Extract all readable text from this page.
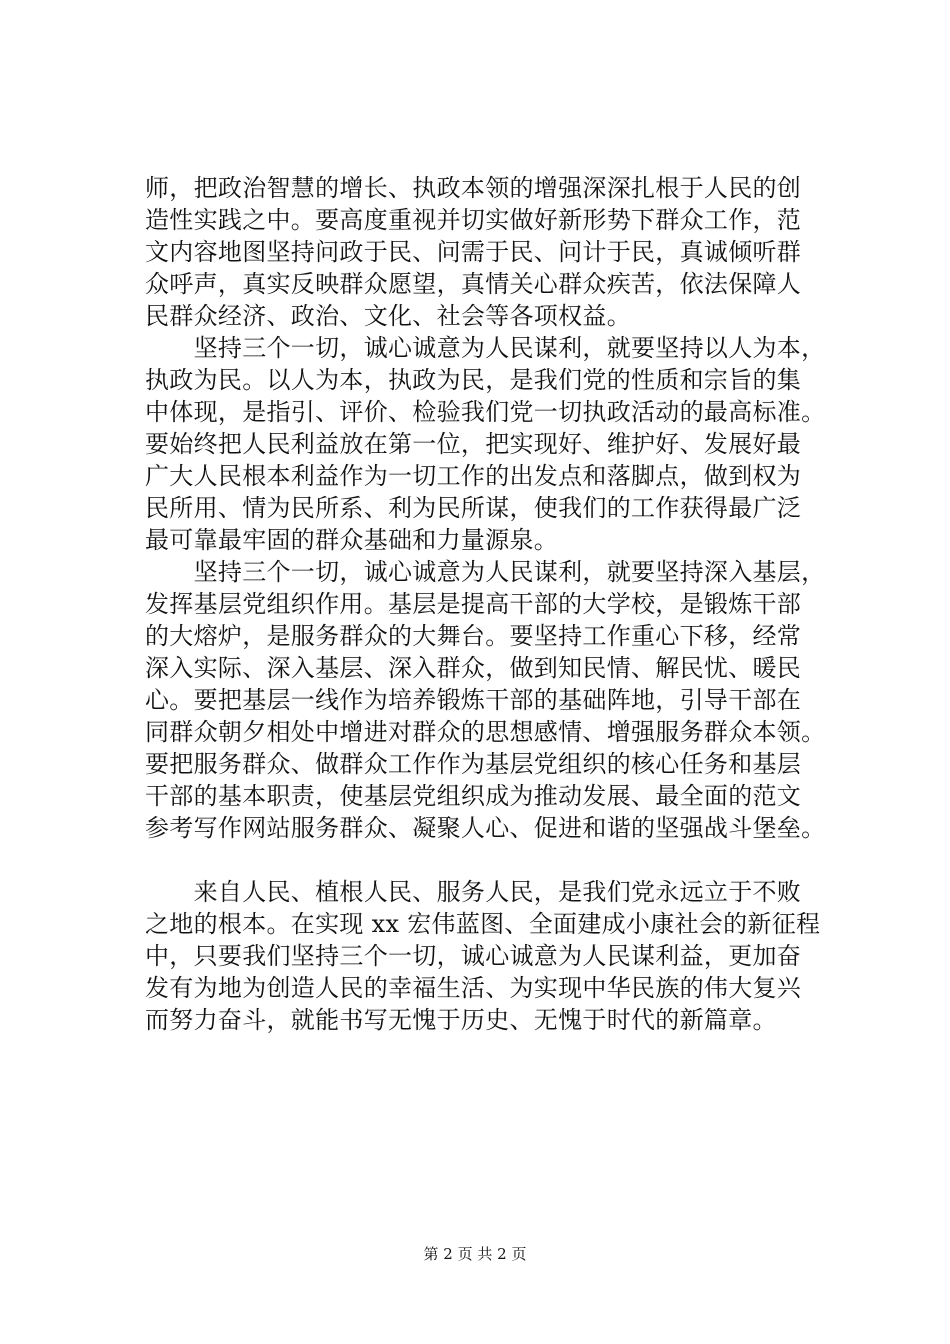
师，把政治智慧的增长、执政本领的增强深深扎根于人民的创
造性实践之中。要高度重视并切实做好新形势下群众工作，范
文内容地图坚持问政于民、问需于民、问计于民，真诚倾听群
众呼声，真实反映群众愿望，真情关心群众疾苦，依法保障人
民群众经济、政治、文化、社会等各项权益。
　　坚持三个一切，诚心诚意为人民谋利，就要坚持以人为本，
执政为民。以人为本，执政为民，是我们党的性质和宗旨的集
中体现，是指引、评价、检验我们党一切执政活动的最高标准。
要始终把人民利益放在第一位，把实现好、维护好、发展好最
广大人民根本利益作为一切工作的出发点和落脚点，做到权为
民所用、情为民所系、利为民所谋，使我们的工作获得最广泛
最可靠最牢固的群众基础和力量源泉。
　　坚持三个一切，诚心诚意为人民谋利，就要坚持深入基层，
发挥基层党组织作用。基层是提高干部的大学校，是锻炼干部
的大熔炉，是服务群众的大舞台。要坚持工作重心下移，经常
深入实际、深入基层、深入群众，做到知民情、解民忧、暖民
心。要把基层一线作为培养锻炼干部的基础阵地，引导干部在
同群众朝夕相处中增进对群众的思想感情、增强服务群众本领。
要把服务群众、做群众工作作为基层党组织的核心任务和基层
干部的基本职责，使基层党组织成为推动发展、最全面的范文
参考写作网站服务群众、凝聚人心、促进和谐的坚强战斗堡垒。
　　来自人民、植根人民、服务人民，是我们党永远立于不败
之地的根本。在实现 xx 宏伟蓝图、全面建成小康社会的新征程
中，只要我们坚持三个一切，诚心诚意为人民谋利益，更加奋
发有为地为创造人民的幸福生活、为实现中华民族的伟大复兴
而努力奋斗，就能书写无愧于历史、无愧于时代的新篇章。
第 2 页 共 2 页
